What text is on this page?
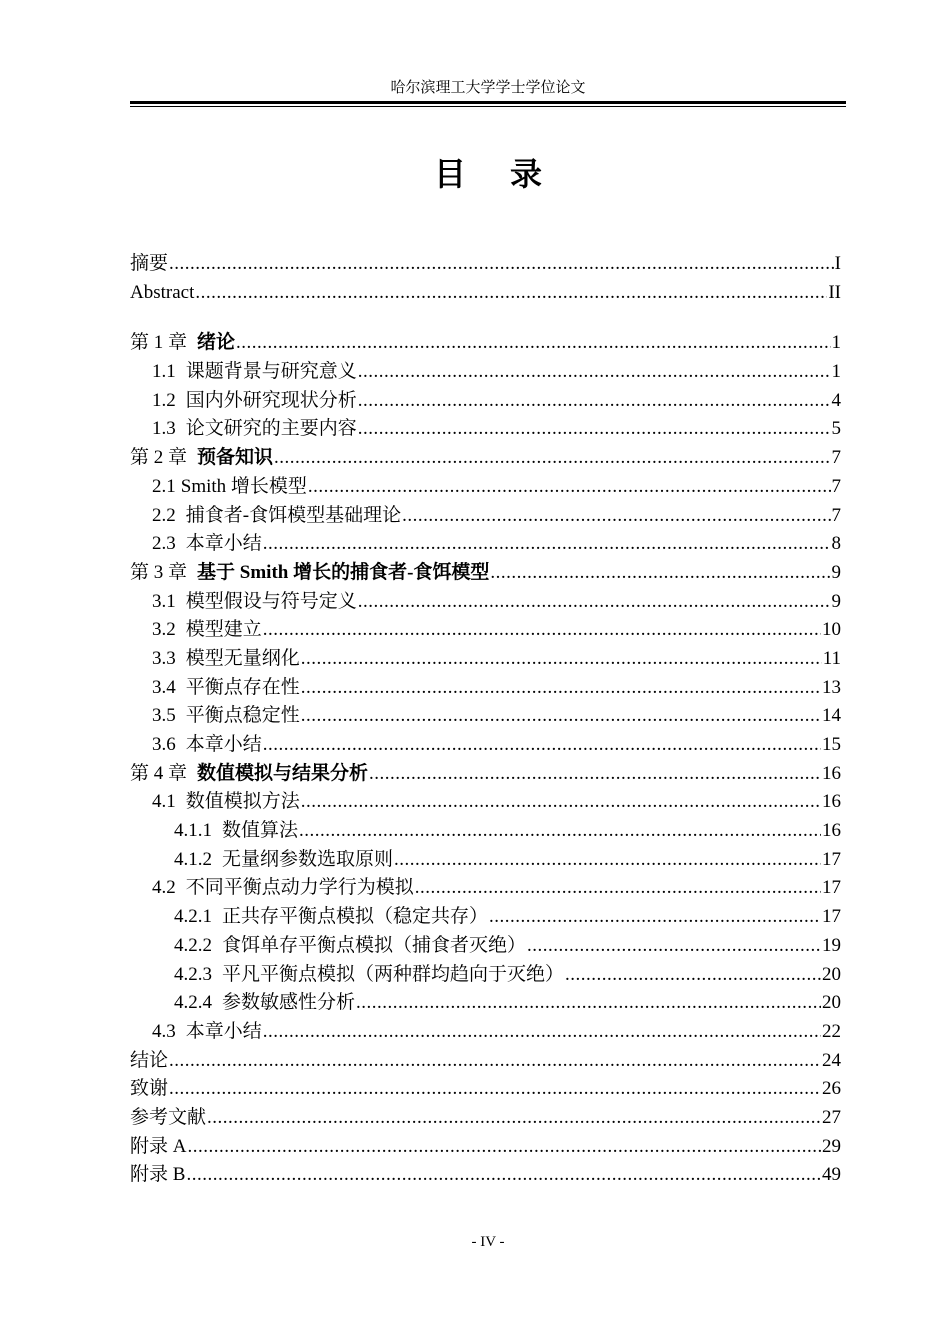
哈尔滨理工大学学士学位论文
目 录
摘要 .....	I
Abstract .....	II
第 1 章 绪论 .....	1
1.1 课题背景与研究意义 .....	1
1.2 国内外研究现状分析 .....	4
1.3 论文研究的主要内容 .....	5
第 2 章 预备知识 .....	7
2.1 Smith 增长模型 .....	7
2.2 捕食者-食饵模型基础理论 .....	7
2.3 本章小结 .....	8
第 3 章 基于 Smith 增长的捕食者-食饵模型 .....	9
3.1 模型假设与符号定义 .....	9
3.2 模型建立 .....	10
3.3 模型无量纲化 .....	11
3.4 平衡点存在性 .....	13
3.5 平衡点稳定性 .....	14
3.6 本章小结 .....	15
第 4 章 数值模拟与结果分析 .....	16
4.1 数值模拟方法 .....	16
4.1.1 数值算法 .....	16
4.1.2 无量纲参数选取原则 .....	17
4.2 不同平衡点动力学行为模拟 .....	17
4.2.1 正共存平衡点模拟（稳定共存） .....	17
4.2.2 食饵单存平衡点模拟（捕食者灭绝） .....	19
4.2.3 平凡平衡点模拟（两种群均趋向于灭绝） .....	20
4.2.4 参数敏感性分析 .....	20
4.3 本章小结 .....	22
结论 .....	24
致谢 .....	26
参考文献 .....	27
附录 A .....	29
附录 B .....	49
- IV -
